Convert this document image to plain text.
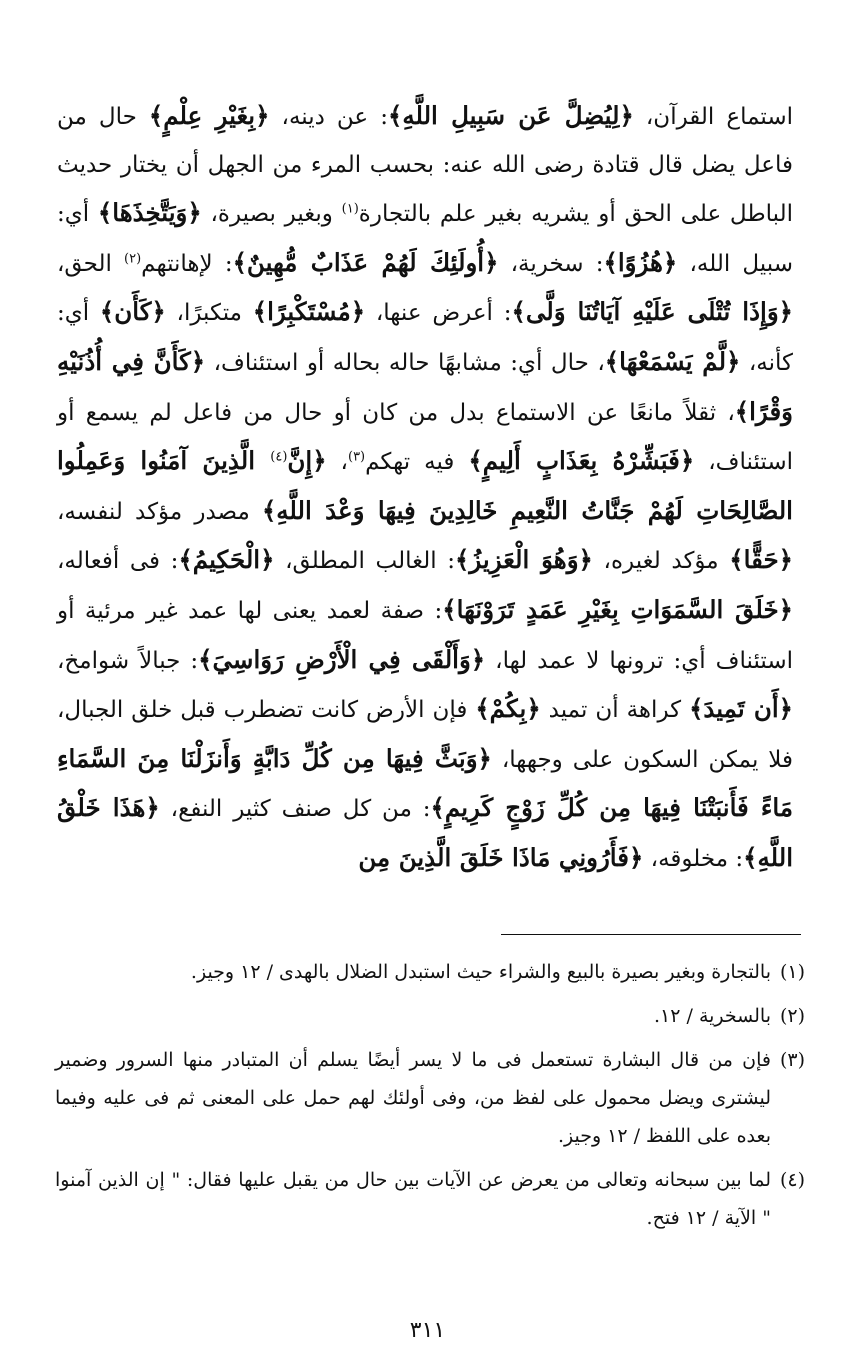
استماع القرآن، ﴿لِيُضِلَّ عَن سَبِيلِ اللَّهِ﴾: عن دينه، ﴿بِغَيْرِ عِلْمٍ﴾ حال من فاعل يضل قال قتادة رضى الله عنه: بحسب المرء من الجهل أن يختار حديث الباطل على الحق أو يشريه بغير علم بالتجارة$^{(١)}$ وبغير بصيرة، ﴿وَيَتَّخِذَهَا﴾ أي: سبيل الله، ﴿هُزُوًا﴾: سخرية، ﴿أُولَئِكَ لَهُمْ عَذَابٌ مُّهِينٌ﴾: لإهانتهم$^{(٢)}$ الحق، ﴿وَإِذَا تُتْلَى عَلَيْهِ آيَاتُنَا وَلَّى﴾: أعرض عنها، ﴿مُسْتَكْبِرًا﴾ متكبرًا، ﴿كَأَن﴾ أي: كأنه، ﴿لَّمْ يَسْمَعْهَا﴾، حال أي: مشابهًا حاله بحاله أو استئناف، ﴿كَأَنَّ فِي أُذُنَيْهِ وَقْرًا﴾، ثقلاً مانعًا عن الاستماع بدل من كان أو حال من فاعل لم يسمع أو استئناف، ﴿فَبَشِّرْهُ بِعَذَابٍ أَلِيمٍ﴾ فيه تهكم$^{(٣)}$، ﴿إِنَّ$^{(٤)}$ الَّذِينَ آمَنُوا وَعَمِلُوا الصَّالِحَاتِ لَهُمْ جَنَّاتُ النَّعِيمِ خَالِدِينَ فِيهَا وَعْدَ اللَّهِ﴾ مصدر مؤكد لنفسه، ﴿حَقًّا﴾ مؤكد لغيره، ﴿وَهُوَ الْعَزِيزُ﴾: الغالب المطلق، ﴿الْحَكِيمُ﴾: فى أفعاله، ﴿خَلَقَ السَّمَوَاتِ بِغَيْرِ عَمَدٍ تَرَوْنَهَا﴾: صفة لعمد يعنى لها عمد غير مرئية أو استئناف أي: ترونها لا عمد لها، ﴿وَأَلْقَى فِي الْأَرْضِ رَوَاسِيَ﴾: جبالاً شوامخ، ﴿أَن تَمِيدَ﴾ كراهة أن تميد ﴿بِكُمْ﴾ فإن الأرض كانت تضطرب قبل خلق الجبال، فلا يمكن السكون على وجهها، ﴿وَبَثَّ فِيهَا مِن كُلِّ دَابَّةٍ وَأَنزَلْنَا مِنَ السَّمَاءِ مَاءً فَأَنبَتْنَا فِيهَا مِن كُلِّ زَوْجٍ كَرِيمٍ﴾: من كل صنف كثير النفع، ﴿هَذَا خَلْقُ اللَّهِ﴾: مخلوقه، ﴿فَأَرُونِي مَاذَا خَلَقَ الَّذِينَ مِن

(١)
بالتجارة وبغير بصيرة بالبيع والشراء حيث استبدل الضلال بالهدى / ١٢ وجيز.
(٢)
بالسخرية / ١٢.
(٣)
فإن من قال البشارة تستعمل فى ما لا يسر أيضًا يسلم أن المتبادر منها السرور وضمير ليشترى ويضل محمول على لفظ من، وفى أولئك لهم حمل على المعنى ثم فى عليه وفيما بعده على اللفظ / ١٢ وجيز.
(٤)
لما بين سبحانه وتعالى من يعرض عن الآيات بين حال من يقبل عليها فقال: " إن الذين آمنوا " الآية / ١٢ فتح.
٣١١
